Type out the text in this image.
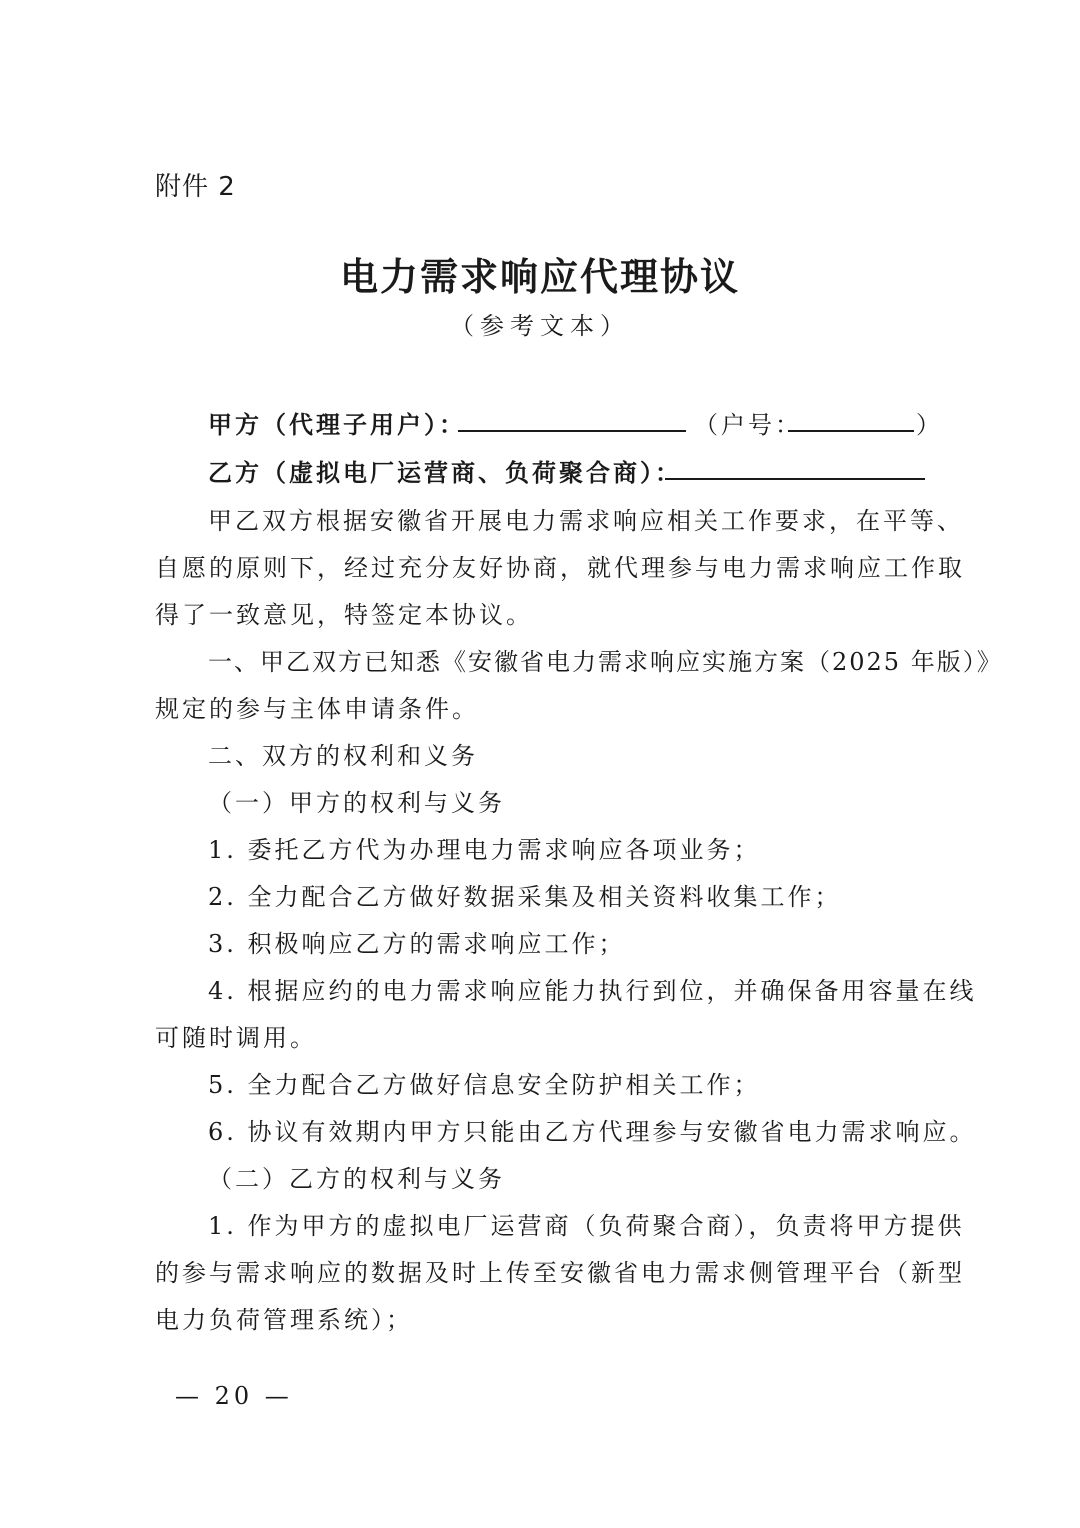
附件 2
电力需求响应代理协议
（参考文本）
甲方（代理子用户）：	（户号：	）
乙方（虚拟电厂运营商、负荷聚合商）：
甲乙双方根据安徽省开展电力需求响应相关工作要求，在平等、
自愿的原则下，经过充分友好协商，就代理参与电力需求响应工作取
得了一致意见，特签定本协议。
一、甲乙双方已知悉《安徽省电力需求响应实施方案（2025 年版）》
规定的参与主体申请条件。
二、双方的权利和义务
（一）甲方的权利与义务
1. 委托乙方代为办理电力需求响应各项业务；
2. 全力配合乙方做好数据采集及相关资料收集工作；
3. 积极响应乙方的需求响应工作；
4. 根据应约的电力需求响应能力执行到位，并确保备用容量在线
可随时调用。
5. 全力配合乙方做好信息安全防护相关工作；
6. 协议有效期内甲方只能由乙方代理参与安徽省电力需求响应。
（二）乙方的权利与义务
1. 作为甲方的虚拟电厂运营商（负荷聚合商），负责将甲方提供
的参与需求响应的数据及时上传至安徽省电力需求侧管理平台（新型
电力负荷管理系统）；
— 20 —
